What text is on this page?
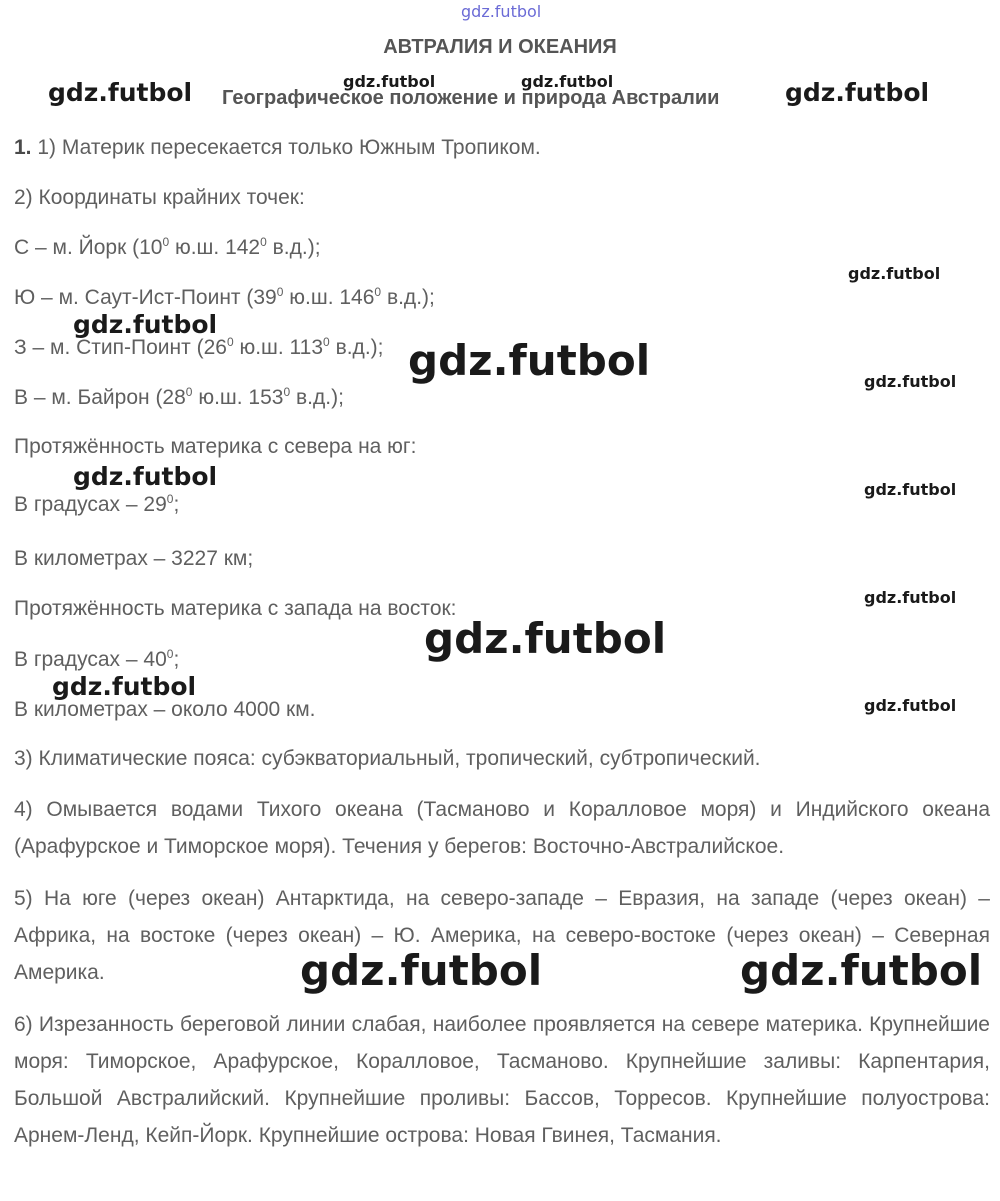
АВТРАЛИЯ И ОКЕАНИЯ
Географическое положение и природа Австралии
1. 1) Материк пересекается только Южным Тропиком.
2) Координаты крайних точек:
С – м. Йорк ($10^0$ ю.ш. $142^0$ в.д.);
Ю – м. Саут-Ист-Поинт ($39^0$ ю.ш. $146^0$ в.д.);
З – м. Стип-Поинт ($26^0$ ю.ш. $113^0$ в.д.);
В – м. Байрон ($28^0$ ю.ш. $153^0$ в.д.);
Протяжённость материка с севера на юг:
В градусах – $29^0$;
В километрах – 3227 км;
Протяжённость материка с запада на восток:
В градусах – $40^0$;
В километрах – около 4000 км.
3) Климатические пояса: субэкваториальный, тропический, субтропический.
4) Омывается водами Тихого океана (Тасманово и Коралловое моря) и Индийского океана (Арафурское и Тиморское моря). Течения у берегов: Восточно-Австралийское.
5) На юге (через океан) Антарктида, на северо-западе – Евразия, на западе (через океан) – Африка, на востоке (через океан) – Ю. Америка, на северо-востоке (через океан) – Северная Америка.
6) Изрезанность береговой линии слабая, наиболее проявляется на севере материка. Крупнейшие моря: Тиморское, Арафурское, Коралловое, Тасманово. Крупнейшие заливы: Карпентария, Большой Австралийский. Крупнейшие проливы: Бассов, Торресов. Крупнейшие полуострова: Арнем-Ленд, Кейп-Йорк. Крупнейшие острова: Новая Гвинея, Тасмания.
gdz.futbol
gdz.futbol	gdz.futbol	gdz.futbol	gdz.futbol
gdz.futbol
gdz.futbol
gdz.futbol	gdz.futbol
gdz.futbol	gdz.futbol
gdz.futbol
gdz.futbol
gdz.futbol
gdz.futbol
gdz.futbol	gdz.futbol
